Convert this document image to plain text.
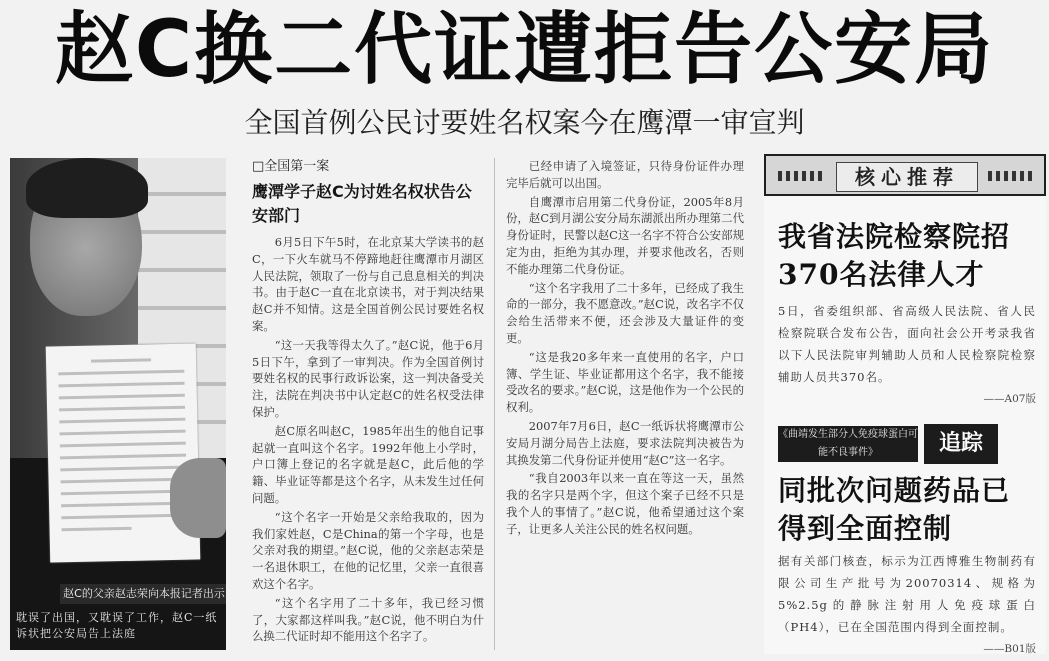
赵C换二代证遭拒告公安局
全国首例公民讨要姓名权案今在鹰潭一审宣判
赵C的父亲赵志荣向本报记者出示
耽误了出国，又耽误了工作，赵C一纸诉状把公安局告上法庭
□全国第一案
鹰潭学子赵C为讨姓名权状告公安部门

6月5日下午5时，在北京某大学读书的赵C，一下火车就马不停蹄地赶往鹰潭市月湖区人民法院，领取了一份与自己息息相关的判决书。由于赵C一直在北京读书，对于判决结果赵C并不知情。这是全国首例公民讨要姓名权案。

“这一天我等得太久了。”赵C说，他于6月5日下午，拿到了一审判决。作为全国首例讨要姓名权的民事行政诉讼案，这一判决备受关注，法院在判决书中认定赵C的姓名权受法律保护。

赵C原名叫赵C，1985年出生的他自记事起就一直叫这个名字。1992年他上小学时，户口簿上登记的名字就是赵C，此后他的学籍、毕业证等都是这个名字，从未发生过任何问题。

“这个名字一开始是父亲给我取的，因为我们家姓赵，C是China的第一个字母，也是父亲对我的期望。”赵C说，他的父亲赵志荣是一名退休职工，在他的记忆里，父亲一直很喜欢这个名字。

“这个名字用了二十多年，我已经习惯了，大家都这样叫我。”赵C说，他不明白为什么换二代证时却不能用这个名字了。

已经申请了入境签证，只待身份证件办理完毕后就可以出国。

自鹰潭市启用第二代身份证，2005年8月份，赵C到月湖公安分局东湖派出所办理第二代身份证时，民警以赵C这一名字不符合公安部规定为由，拒绝为其办理，并要求他改名，否则不能办理第二代身份证。

“这个名字我用了二十多年，已经成了我生命的一部分，我不愿意改。”赵C说，改名字不仅会给生活带来不便，还会涉及大量证件的变更。

“这是我20多年来一直使用的名字，户口簿、学生证、毕业证都用这个名字，我不能接受改名的要求。”赵C说，这是他作为一个公民的权利。

2007年7月6日，赵C一纸诉状将鹰潭市公安局月湖分局告上法庭，要求法院判决被告为其换发第二代身份证并使用“赵C”这一名字。

“我自2003年以来一直在等这一天，虽然我的名字只是两个字，但这个案子已经不只是我个人的事情了。”赵C说，他希望通过这个案子，让更多人关注公民的姓名权问题。

核心推荐
我省法院检察院招370名法律人才
5日，省委组织部、省高级人民法院、省人民检察院联合发布公告，面向社会公开考录我省以下人民法院审判辅助人员和人民检察院检察辅助人员共370名。
——A07版
《曲靖发生部分人免疫球蛋白可能不良事件》	追踪
同批次问题药品已得到全面控制
据有关部门核查，标示为江西博雅生物制药有限公司生产批号为20070314、规格为5%2.5g的静脉注射用人免疫球蛋白（PH4），已在全国范围内得到全面控制。
——B01版
